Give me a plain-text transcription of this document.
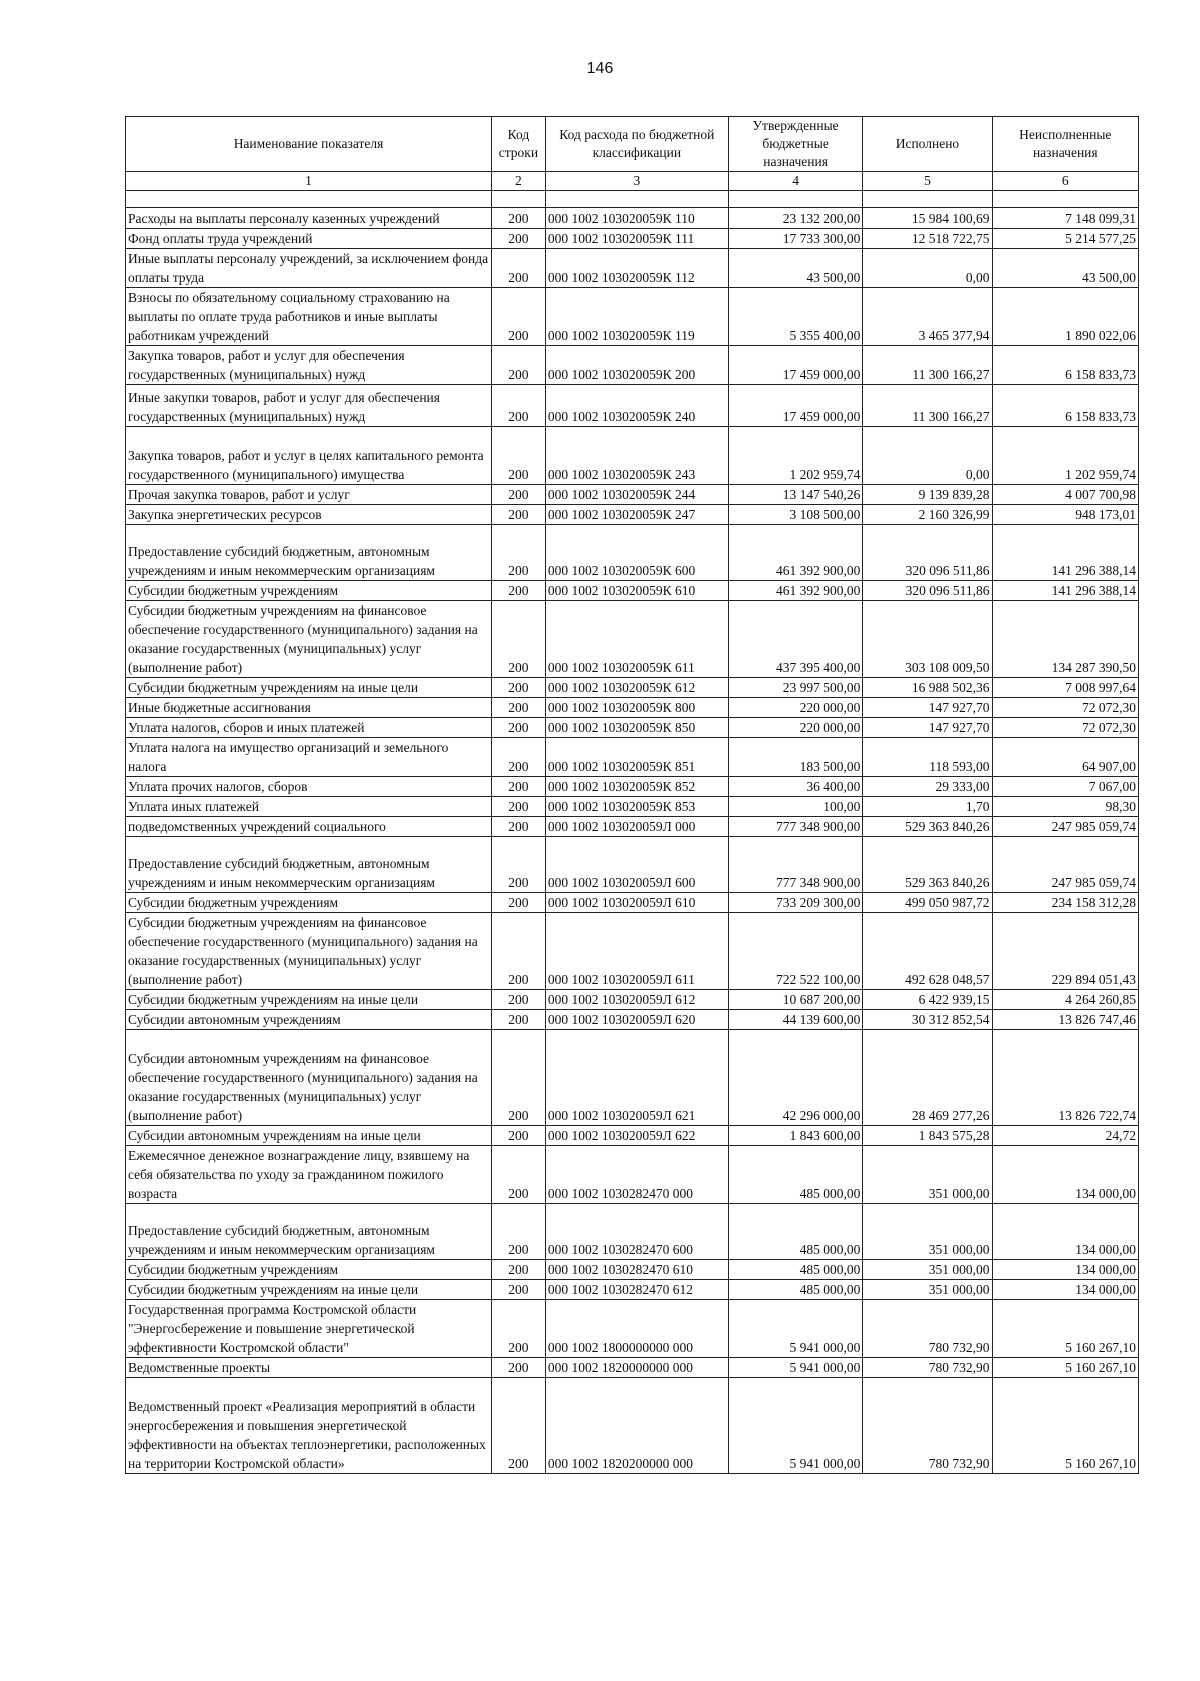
146
Наименование показателя	Код строки	Код расхода по бюджетной классификации	Утвержденные бюджетные назначения	Исполнено	Неисполненные назначения
1	2	3	4	5	6

Расходы на выплаты персоналу казенных учреждений	200	000 1002 103020059К 110	23 132 200,00	15 984 100,69	7 148 099,31
Фонд оплаты труда учреждений	200	000 1002 103020059К 111	17 733 300,00	12 518 722,75	5 214 577,25
Иные выплаты персоналу учреждений, за исключением фонда оплаты труда	200	000 1002 103020059К 112	43 500,00	0,00	43 500,00
Взносы по обязательному социальному страхованию на выплаты по оплате труда работников и иные выплаты работникам учреждений	200	000 1002 103020059К 119	5 355 400,00	3 465 377,94	1 890 022,06
Закупка товаров, работ и услуг для обеспечения государственных (муниципальных) нужд	200	000 1002 103020059К 200	17 459 000,00	11 300 166,27	6 158 833,73
Иные закупки товаров, работ и услуг для обеспечения государственных (муниципальных) нужд	200	000 1002 103020059К 240	17 459 000,00	11 300 166,27	6 158 833,73
Закупка товаров, работ и услуг в целях капитального ремонта государственного (муниципального) имущества	200	000 1002 103020059К 243	1 202 959,74	0,00	1 202 959,74
Прочая закупка товаров, работ и услуг	200	000 1002 103020059К 244	13 147 540,26	9 139 839,28	4 007 700,98
Закупка энергетических ресурсов	200	000 1002 103020059К 247	3 108 500,00	2 160 326,99	948 173,01
Предоставление субсидий бюджетным, автономным учреждениям и иным некоммерческим организациям	200	000 1002 103020059К 600	461 392 900,00	320 096 511,86	141 296 388,14
Субсидии бюджетным учреждениям	200	000 1002 103020059К 610	461 392 900,00	320 096 511,86	141 296 388,14
Субсидии бюджетным учреждениям на финансовое обеспечение государственного (муниципального) задания на оказание государственных (муниципальных) услуг (выполнение работ)	200	000 1002 103020059К 611	437 395 400,00	303 108 009,50	134 287 390,50
Субсидии бюджетным учреждениям на иные цели	200	000 1002 103020059К 612	23 997 500,00	16 988 502,36	7 008 997,64
Иные бюджетные ассигнования	200	000 1002 103020059К 800	220 000,00	147 927,70	72 072,30
Уплата налогов, сборов и иных платежей	200	000 1002 103020059К 850	220 000,00	147 927,70	72 072,30
Уплата налога на имущество организаций и земельного налога	200	000 1002 103020059К 851	183 500,00	118 593,00	64 907,00
Уплата прочих налогов, сборов	200	000 1002 103020059К 852	36 400,00	29 333,00	7 067,00
Уплата иных платежей	200	000 1002 103020059К 853	100,00	1,70	98,30
подведомственных учреждений социального	200	000 1002 103020059Л 000	777 348 900,00	529 363 840,26	247 985 059,74
Предоставление субсидий бюджетным, автономным учреждениям и иным некоммерческим организациям	200	000 1002 103020059Л 600	777 348 900,00	529 363 840,26	247 985 059,74
Субсидии бюджетным учреждениям	200	000 1002 103020059Л 610	733 209 300,00	499 050 987,72	234 158 312,28
Субсидии бюджетным учреждениям на финансовое обеспечение государственного (муниципального) задания на оказание государственных (муниципальных) услуг (выполнение работ)	200	000 1002 103020059Л 611	722 522 100,00	492 628 048,57	229 894 051,43
Субсидии бюджетным учреждениям на иные цели	200	000 1002 103020059Л 612	10 687 200,00	6 422 939,15	4 264 260,85
Субсидии автономным учреждениям	200	000 1002 103020059Л 620	44 139 600,00	30 312 852,54	13 826 747,46
Субсидии автономным учреждениям на финансовое обеспечение государственного (муниципального) задания на оказание государственных (муниципальных) услуг (выполнение работ)	200	000 1002 103020059Л 621	42 296 000,00	28 469 277,26	13 826 722,74
Субсидии автономным учреждениям на иные цели	200	000 1002 103020059Л 622	1 843 600,00	1 843 575,28	24,72
Ежемесячное денежное вознаграждение лицу, взявшему на себя обязательства по уходу за гражданином пожилого возраста	200	000 1002 1030282470 000	485 000,00	351 000,00	134 000,00
Предоставление субсидий бюджетным, автономным учреждениям и иным некоммерческим организациям	200	000 1002 1030282470 600	485 000,00	351 000,00	134 000,00
Субсидии бюджетным учреждениям	200	000 1002 1030282470 610	485 000,00	351 000,00	134 000,00
Субсидии бюджетным учреждениям на иные цели	200	000 1002 1030282470 612	485 000,00	351 000,00	134 000,00
Государственная программа Костромской области "Энергосбережение и повышение энергетической эффективности Костромской области"	200	000 1002 1800000000 000	5 941 000,00	780 732,90	5 160 267,10
Ведомственные проекты	200	000 1002 1820000000 000	5 941 000,00	780 732,90	5 160 267,10
Ведомственный проект «Реализация мероприятий в области энергосбережения и повышения энергетической эффективности на объектах теплоэнергетики, расположенных на территории Костромской области»	200	000 1002 1820200000 000	5 941 000,00	780 732,90	5 160 267,10
